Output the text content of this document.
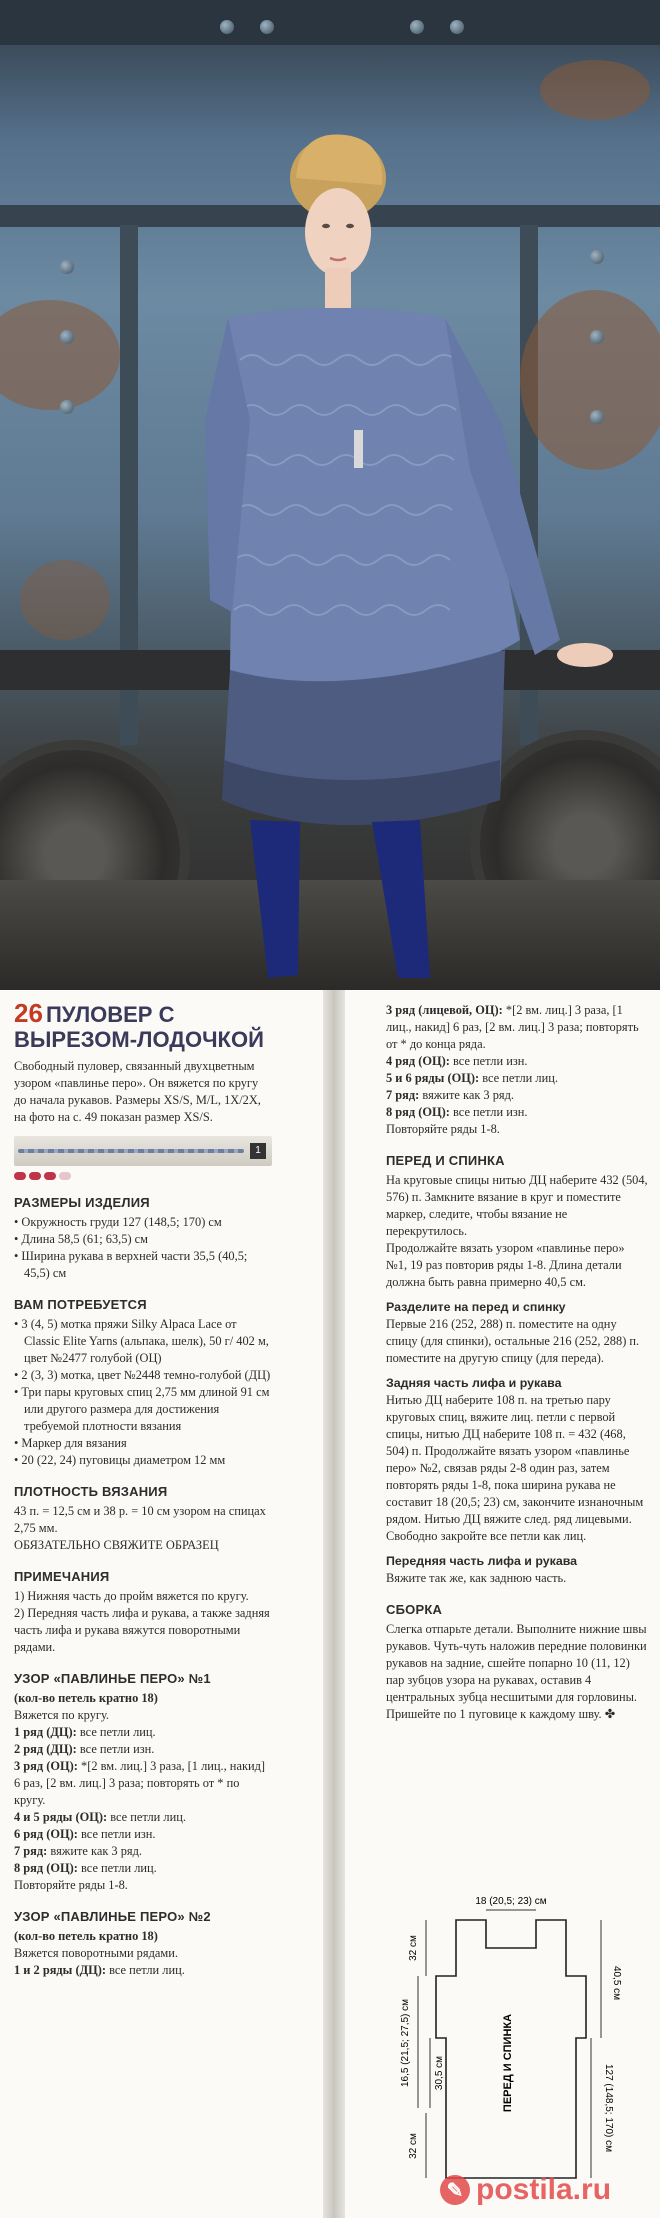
26 ПУЛОВЕР С ВЫРЕЗОМ-ЛОДОЧКОЙ

Свободный пуловер, связанный двухцветным узором «павлинье перо». Он вяжется по кругу до начала рукавов. Размеры XS/S, M/L, 1X/2X, на фото на с. 49 показан размер XS/S.

1
РАЗМЕРЫ ИЗДЕЛИЯ
• Окружность груди 127 (148,5; 170) см
• Длина 58,5 (61; 63,5) см
• Ширина рукава в верхней части 35,5 (40,5; 45,5) см
ВАМ ПОТРЕБУЕТСЯ
• 3 (4, 5) мотка пряжи Silky Alpaca Lace от Classic Elite Yarns (альпака, шелк), 50 г/ 402 м, цвет №2477 голубой (ОЦ)
• 2 (3, 3) мотка, цвет №2448 темно-голубой (ДЦ)
• Три пары круговых спиц 2,75 мм длиной 91 см или другого размера для достижения требуемой плотности вязания
• Маркер для вязания
• 20 (22, 24) пуговицы диаметром 12 мм
ПЛОТНОСТЬ ВЯЗАНИЯ
43 п. = 12,5 см и 38 р. = 10 см узором на спицах 2,75 мм.
ОБЯЗАТЕЛЬНО СВЯЖИТЕ ОБРАЗЕЦ
ПРИМЕЧАНИЯ
1) Нижняя часть до пройм вяжется по кругу.
2) Передняя часть лифа и рукава, а также задняя часть лифа и рукава вяжутся поворотными рядами.
УЗОР «ПАВЛИНЬЕ ПЕРО» №1
(кол-во петель кратно 18)
Вяжется по кругу.
1 ряд (ДЦ): все петли лиц.
2 ряд (ДЦ): все петли изн.
3 ряд (ОЦ): *[2 вм. лиц.] 3 раза, [1 лиц., накид] 6 раз, [2 вм. лиц.] 3 раза; повторять от * по кругу.
4 и 5 ряды (ОЦ): все петли лиц.
6 ряд (ОЦ): все петли изн.
7 ряд: вяжите как 3 ряд.
8 ряд (ОЦ): все петли лиц.
Повторяйте ряды 1-8.
УЗОР «ПАВЛИНЬЕ ПЕРО» №2
(кол-во петель кратно 18)
Вяжется поворотными рядами.
1 и 2 ряды (ДЦ): все петли лиц.
3 ряд (лицевой, ОЦ): *[2 вм. лиц.] 3 раза, [1 лиц., накид] 6 раз, [2 вм. лиц.] 3 раза; повторять от * до конца ряда.
4 ряд (ОЦ): все петли изн.
5 и 6 ряды (ОЦ): все петли лиц.
7 ряд: вяжите как 3 ряд.
8 ряд (ОЦ): все петли изн.
Повторяйте ряды 1-8.
ПЕРЕД И СПИНКА

На круговые спицы нитью ДЦ наберите 432 (504, 576) п. Замкните вязание в круг и поместите маркер, следите, чтобы вязание не перекрутилось.

Продолжайте вязать узором «павлинье перо» №1, 19 раз повторив ряды 1-8. Длина детали должна быть равна примерно 40,5 см.

Разделите на перед и спинку

Первые 216 (252, 288) п. поместите на одну спицу (для спинки), остальные 216 (252, 288) п. поместите на другую спицу (для переда).

Задняя часть лифа и рукава

Нитью ДЦ наберите 108 п. на третью пару круговых спиц, вяжите лиц. петли с первой спицы, нитью ДЦ наберите 108 п. = 432 (468, 504) п. Продолжайте вязать узором «павлинье перо» №2, связав ряды 2-8 один раз, затем повторять ряды 1-8, пока ширина рукава не составит 18 (20,5; 23) см, закончите изнаночным рядом. Нитью ДЦ вяжите след. ряд лицевыми. Свободно закройте все петли как лиц.

Передняя часть лифа и рукава

Вяжите так же, как заднюю часть.

СБОРКА

Слегка отпарьте детали. Выполните нижние швы рукавов. Чуть-чуть наложив передние половинки рукавов на задние, сшейте попарно 10 (11, 12) пар зубцов узора на рукавах, оставив 4 центральных зубца несшитыми для горловины. Пришейте по 1 пуговице к каждому шву. ✤

18 (20,5; 23) см
40,5 см
127 (148,5; 170) см
32 см
16,5 (21,5; 27,5) см 30,5 см
32 см
ПЕРЕД И СПИНКА
✎ postila.ru
